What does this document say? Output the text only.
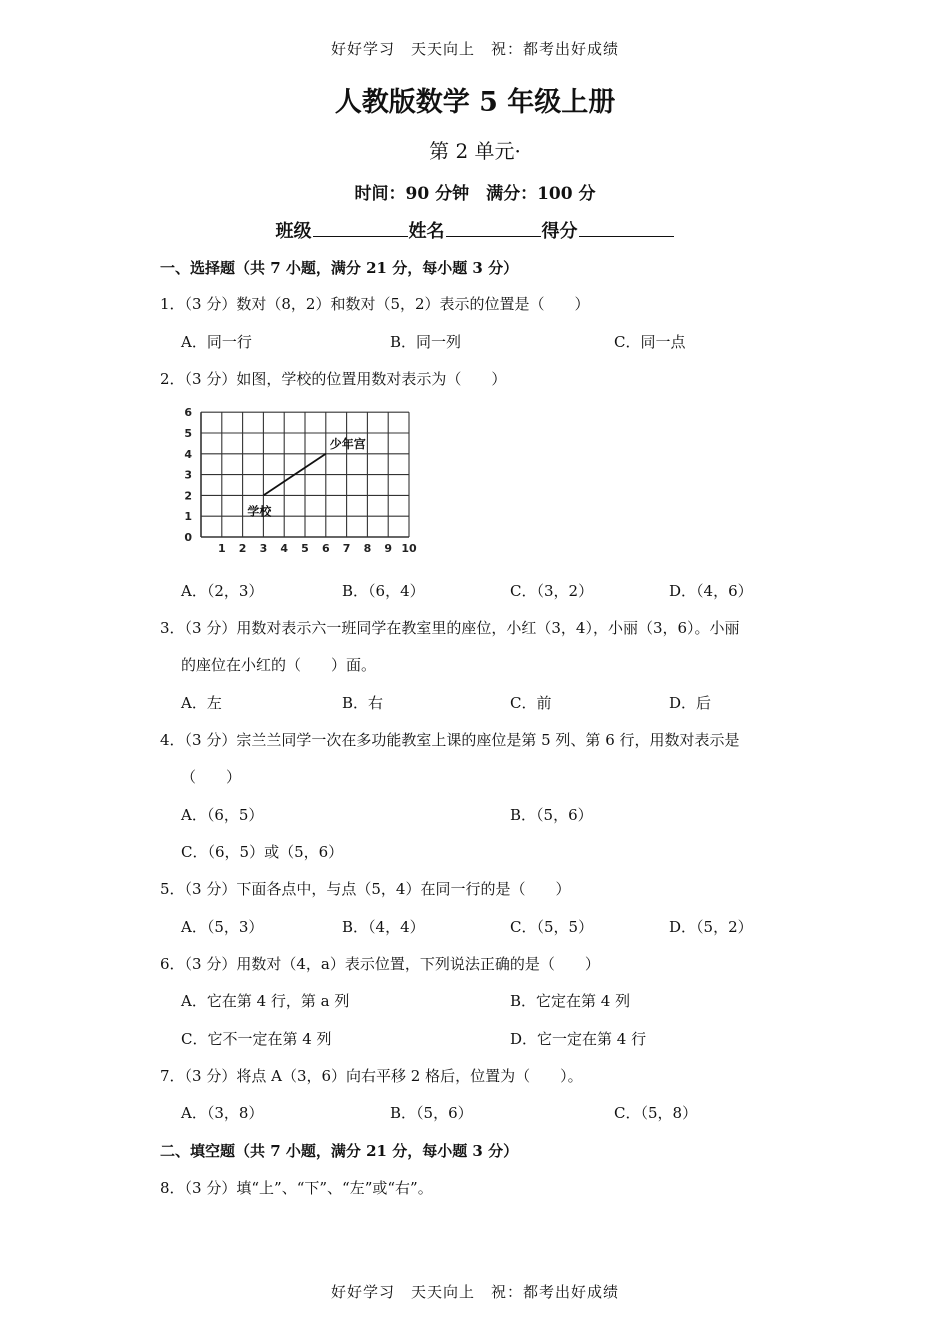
好好学习　天天向上　祝：都考出好成绩
人教版数学 5 年级上册
第 2 单元·
时间：90 分钟　满分：100 分
班级	姓名	得分
一、选择题（共 7 小题，满分 21 分，每小题 3 分）
1．（3 分）数对（8，2）和数对（5，2）表示的位置是（　　）
A．同一行	B．同一列	C．同一点
2．（3 分）如图，学校的位置用数对表示为（　　）
1 2 3 4 5 6 7 8 9 10
0
1
2
3
4
5
6
学校
少年宫
A．（2，3）	B．（6，4）	C．（3，2）	D．（4，6）
3．（3 分）用数对表示六一班同学在教室里的座位，小红（3，4），小丽（3，6）。小丽
的座位在小红的（　　）面。
A．左	B．右	C．前	D．后
4．（3 分）宗兰兰同学一次在多功能教室上课的座位是第 5 列、第 6 行，用数对表示是
（　　）
A．（6，5）	B．（5，6）
C．（6，5）或（5，6）
5．（3 分）下面各点中，与点（5，4）在同一行的是（　　）
A．（5，3）	B．（4，4）	C．（5，5）	D．（5，2）
6．（3 分）用数对（4，a）表示位置，下列说法正确的是（　　）
A．它在第 4 行，第 a 列	B．它定在第 4 列
C．它不一定在第 4 列	D．它一定在第 4 行
7．（3 分）将点 A（3，6）向右平移 2 格后，位置为（　　）。
A．（3，8）	B．（5，6）	C．（5，8）
二、填空题（共 7 小题，满分 21 分，每小题 3 分）
8．（3 分）填“上”、“下”、“左”或“右”。
好好学习　天天向上　祝：都考出好成绩
